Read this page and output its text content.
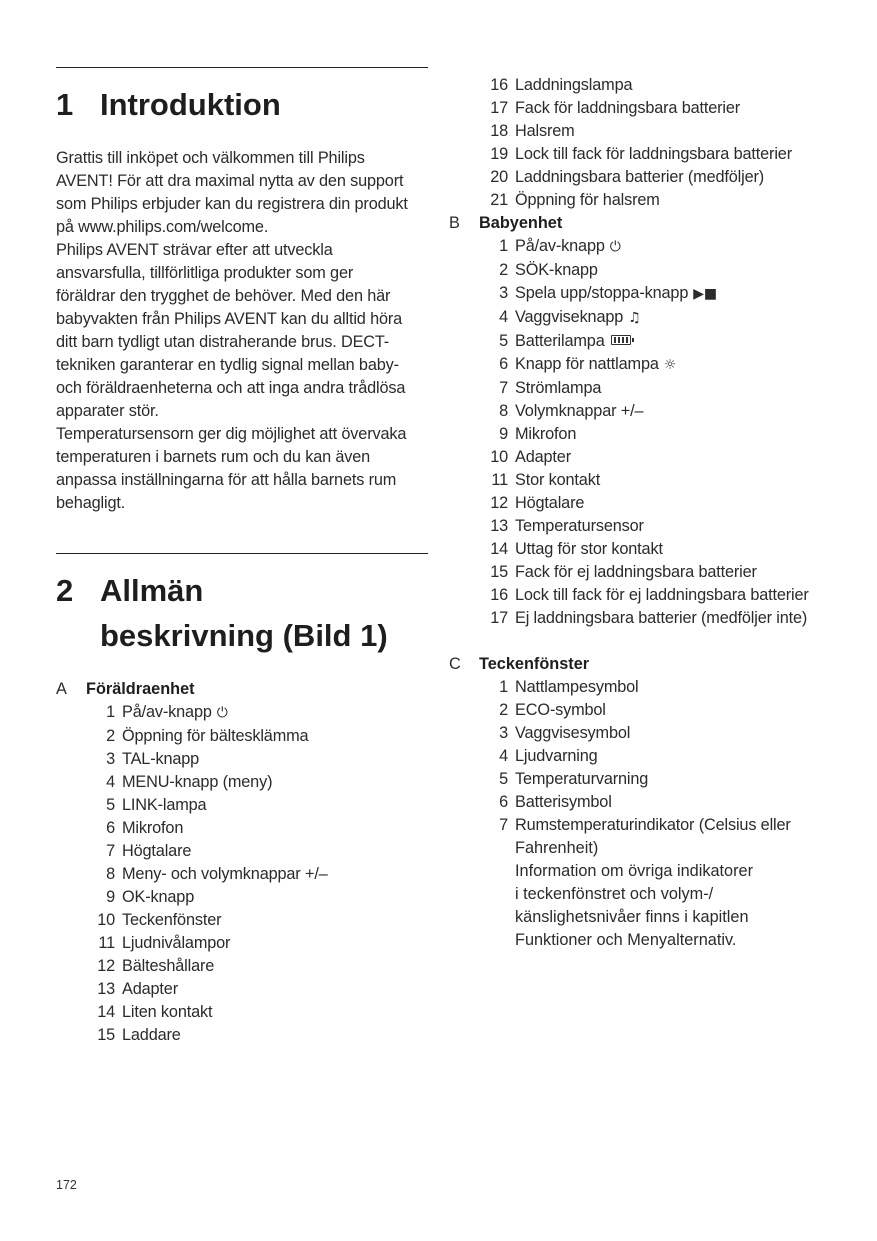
1 Introduktion
Grattis till inköpet och välkommen till Philips
AVENT! För att dra maximal nytta av den support
som Philips erbjuder kan du registrera din produkt
på www.philips.com/welcome.
Philips AVENT strävar efter att utveckla
ansvarsfulla, tillförlitliga produkter som ger
föräldrar den trygghet de behöver. Med den här
babyvakten från Philips AVENT kan du alltid höra
ditt barn tydligt utan distraherande brus. DECT-
tekniken garanterar en tydlig signal mellan baby-
och föräldraenheterna och att inga andra trådlösa
apparater stör.
Temperatursensorn ger dig möjlighet att övervaka
temperaturen i barnets rum och du kan även
anpassa inställningarna för att hålla barnets rum
behagligt.
2 Allmän
beskrivning (Bild 1)
A	Föräldraenhet
1 På/av-knapp ⏻
2 Öppning för bältesklämma
3 TAL-knapp
4 MENU-knapp (meny)
5 LINK-lampa
6 Mikrofon
7 Högtalare
8 Meny- och volymknappar +/–
9 OK-knapp
10 Teckenfönster
11 Ljudnivålampor
12 Bälteshållare
13 Adapter
14 Liten kontakt
15 Laddare
16 Laddningslampa
17 Fack för laddningsbara batterier
18 Halsrem
19 Lock till fack för laddningsbara batterier
20 Laddningsbara batterier (medföljer)
21 Öppning för halsrem
B	Babyenhet
1 På/av-knapp ⏻
2 SÖK-knapp
3 Spela upp/stoppa-knapp ▶■
4 Vaggviseknapp ♫
5 Batterilampa
6 Knapp för nattlampa ☼
7 Strömlampa
8 Volymknappar +/–
9 Mikrofon
10 Adapter
11 Stor kontakt
12 Högtalare
13 Temperatursensor
14 Uttag för stor kontakt
15 Fack för ej laddningsbara batterier
16 Lock till fack för ej laddningsbara batterier
17 Ej laddningsbara batterier (medföljer inte)
C	Teckenfönster
1 Nattlampesymbol
2 ECO-symbol
3 Vaggvisesymbol
4 Ljudvarning
5 Temperaturvarning
6 Batterisymbol
7 Rumstemperaturindikator (Celsius eller
Fahrenheit)
Information om övriga indikatorer
i teckenfönstret och volym-/
känslighetsnivåer finns i kapitlen
Funktioner och Menyalternativ.
172
